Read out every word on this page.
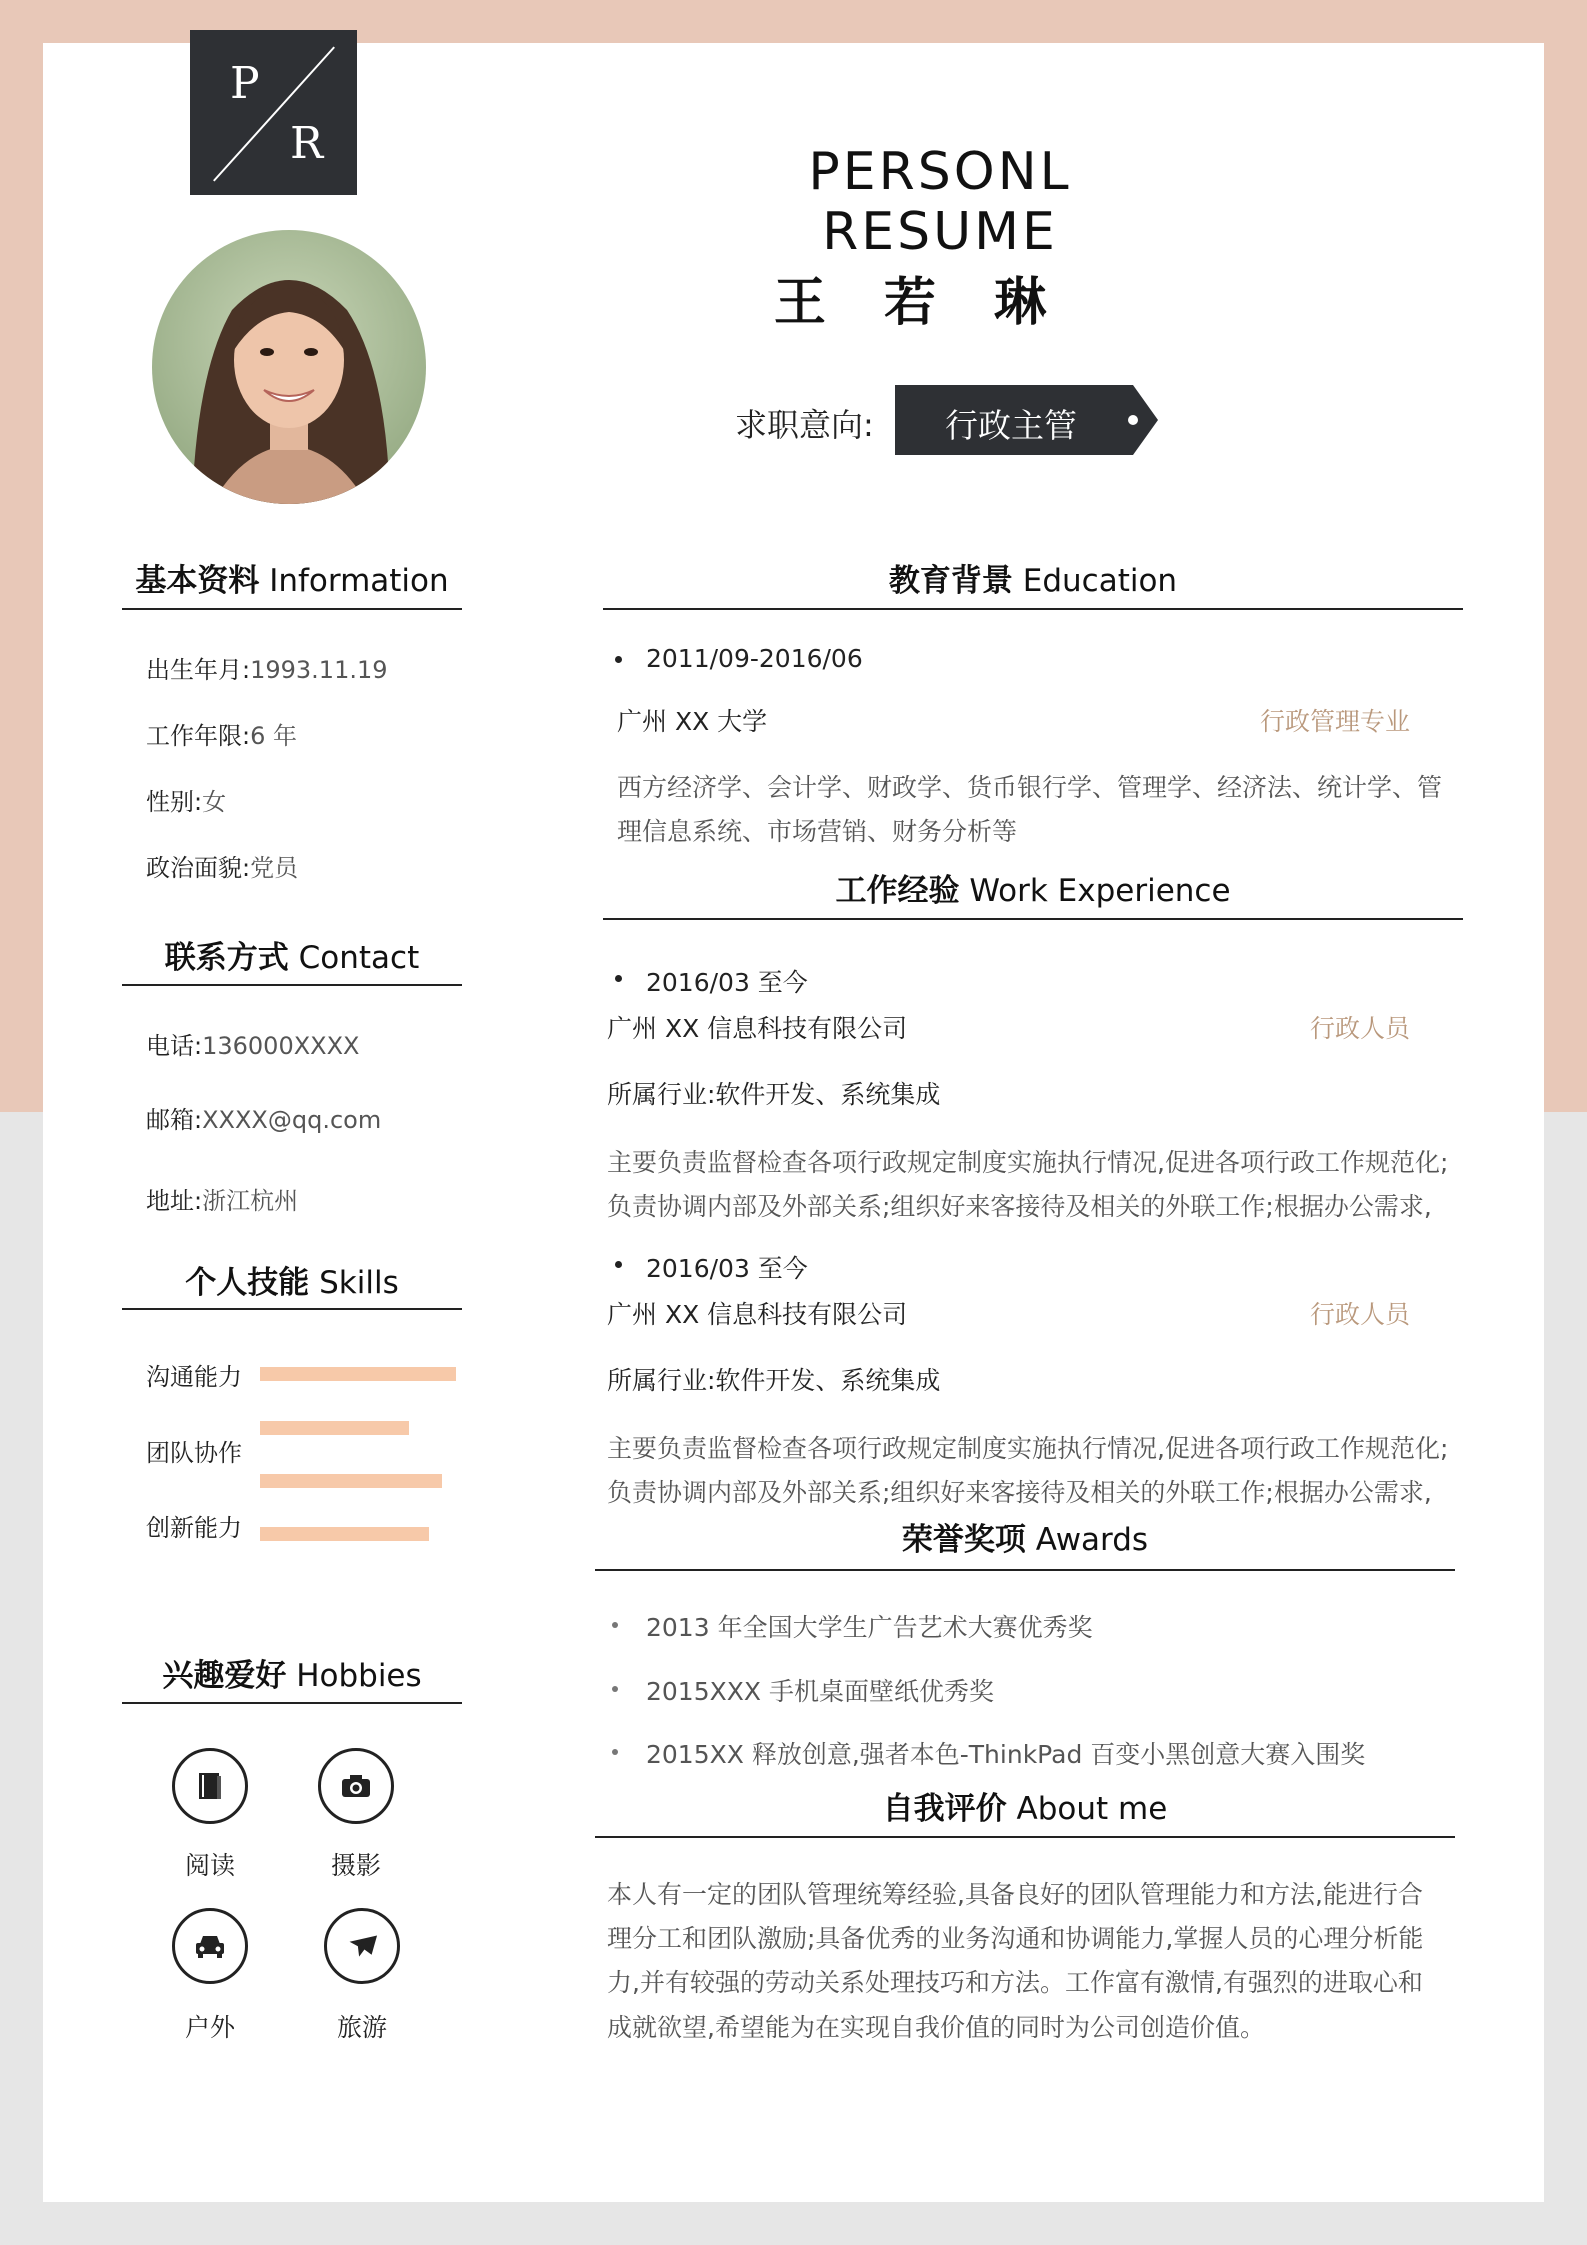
P
R	PERSONL RESUME
王 若 琳
求职意向: 行政主管
基本资料 Information
出生年月:1993.11.19
工作年限:6 年
性别:女
政治面貌:党员
联系方式 Contact
电话:136000XXXX
邮箱:XXXX@qq.com
地址:浙江杭州
个人技能 Skills
沟通能力
团队协作
创新能力
兴趣爱好 Hobbies
阅读	摄影
户外	旅游
教育背景 Education
2011/09-2016/06
广州 XX 大学	行政管理专业
西方经济学、会计学、财政学、货币银行学、管理学、经济法、统计学、管
理信息系统、市场营销、财务分析等
工作经验 Work Experience
2016/03 至今
广州 XX 信息科技有限公司	行政人员
所属行业:软件开发、系统集成
主要负责监督检查各项行政规定制度实施执行情况,促进各项行政工作规范化;
负责协调内部及外部关系;组织好来客接待及相关的外联工作;根据办公需求,
2016/03 至今
广州 XX 信息科技有限公司	行政人员
所属行业:软件开发、系统集成
主要负责监督检查各项行政规定制度实施执行情况,促进各项行政工作规范化;
负责协调内部及外部关系;组织好来客接待及相关的外联工作;根据办公需求,
荣誉奖项 Awards
2013 年全国大学生广告艺术大赛优秀奖
2015XXX 手机桌面壁纸优秀奖
2015XX 释放创意,强者本色-ThinkPad 百变小黑创意大赛入围奖
自我评价 About me
本人有一定的团队管理统筹经验,具备良好的团队管理能力和方法,能进行合
理分工和团队激励;具备优秀的业务沟通和协调能力,掌握人员的心理分析能
力,并有较强的劳动关系处理技巧和方法。工作富有激情,有强烈的进取心和
成就欲望,希望能为在实现自我价值的同时为公司创造价值。
